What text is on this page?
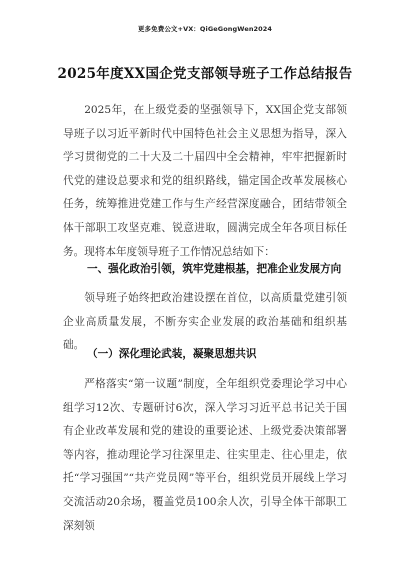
更多免费公文+VX：QiGeGongWen2024
2025年度XX国企党支部领导班子工作总结报告

2025年，在上级党委的坚强领导下，XX国企党支部领导班子以习近平新时代中国特色社会主义思想为指导，深入学习贯彻党的二十大及二十届四中全会精神，牢牢把握新时代党的建设总要求和党的组织路线，锚定国企改革发展核心任务，统筹推进党建工作与生产经营深度融合，团结带领全体干部职工攻坚克难、锐意进取，圆满完成全年各项目标任务。现将本年度领导班子工作情况总结如下：

一、强化政治引领，筑牢党建根基，把准企业发展方向

领导班子始终把政治建设摆在首位，以高质量党建引领企业高质量发展，不断夯实企业发展的政治基础和组织基础。

（一）深化理论武装，凝聚思想共识

严格落实“第一议题”制度，全年组织党委理论学习中心组学习12次、专题研讨6次，深入学习习近平总书记关于国有企业改革发展和党的建设的重要论述、上级党委决策部署等内容，推动理论学习往深里走、往实里走、往心里走，依托“学习强国”“共产党员网”等平台，组织党员开展线上学习交流活动20余场，覆盖党员100余人次，引导全体干部职工深刻领
